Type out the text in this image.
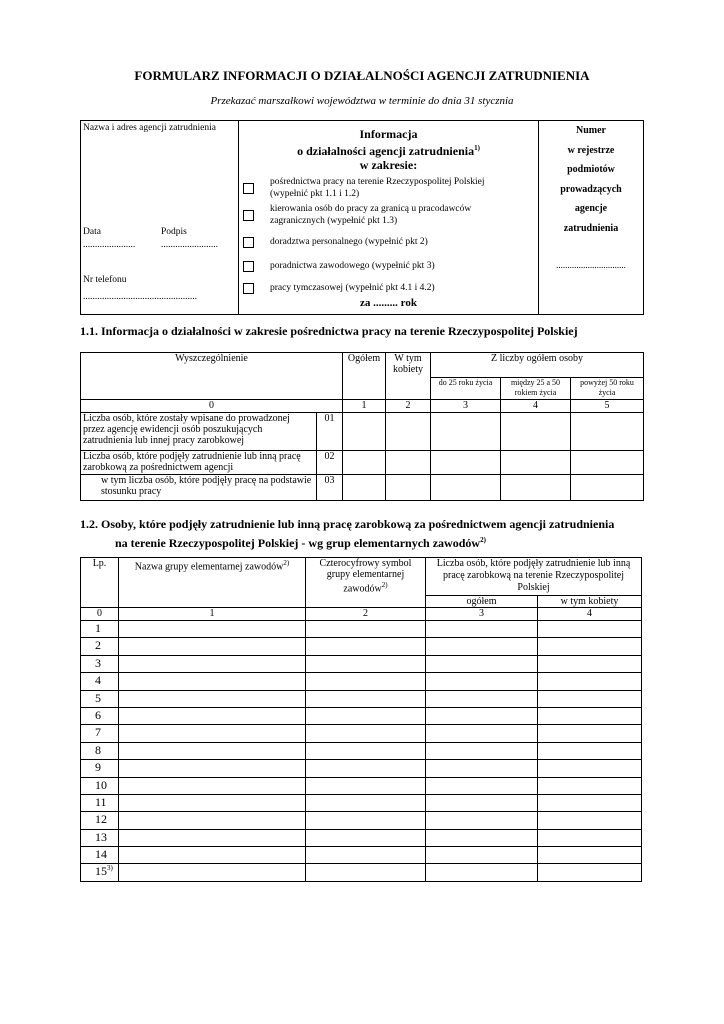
FORMULARZ INFORMACJI O DZIAŁALNOŚCI AGENCJI ZATRUDNIENIA
Przekazać marszałkowi województwa w terminie do dnia 31 stycznia
Nazwa i adres agencji zatrudnienia
Data	Podpis
......................	........................
Nr telefonu
................................................

Informacja
o działalności agencji zatrudnienia$^{1)}$
w zakresie:
pośrednictwa pracy na terenie Rzeczypospolitej Polskiej
(wypełnić pkt 1.1 i 1.2)
kierowania osób do pracy za granicą u pracodawców
zagranicznych (wypełnić pkt 1.3)
doradztwa personalnego (wypełnić pkt 2)
poradnictwa zawodowego (wypełnić pkt 3)
pracy tymczasowej (wypełnić pkt 4.1 i 4.2)
za ......... rok

Numer
w rejestrze
podmiotów
prowadzących
agencje
zatrudnienia
...............................
1.1. Informacja o działalności w zakresie pośrednictwa pracy na terenie Rzeczypospolitej Polskiej
Wyszczególnienie		Ogółem	W tym kobiety	Z liczby ogółem osoby		
				do 25 roku życia	między 25 a 50 rokiem życia	powyżej 50 roku życia
0		1	2	3	4	5
Liczba osób, które zostały wpisane do prowadzonej przez agencję ewidencji osób poszukujących zatrudnienia lub innej pracy zarobkowej	01					
Liczba osób, które podjęły zatrudnienie lub inną pracę zarobkową za pośrednictwem agencji	02					
w tym liczba osób, które podjęły pracę na podstawie stosunku pracy	03					
1.2. Osoby, które podjęły zatrudnienie lub inną pracę zarobkową za pośrednictwem agencji zatrudnienia
na terenie Rzeczypospolitej Polskiej - wg grup elementarnych zawodów$^{2)}$
Lp.	Nazwa grupy elementarnej zawodów$^{2)}$	Czterocyfrowy symbol grupy elementarnej zawodów$^{2)}$	Liczba osób, które podjęły zatrudnienie lub inną pracę zarobkową na terenie Rzeczypospolitej Polskiej	
			ogółem	w tym kobiety
0	1	2	3	4
1				
2				
3				
4				
5				
6				
7				
8				
9				
10				
11				
12				
13				
14				
15$^{3)}$				
